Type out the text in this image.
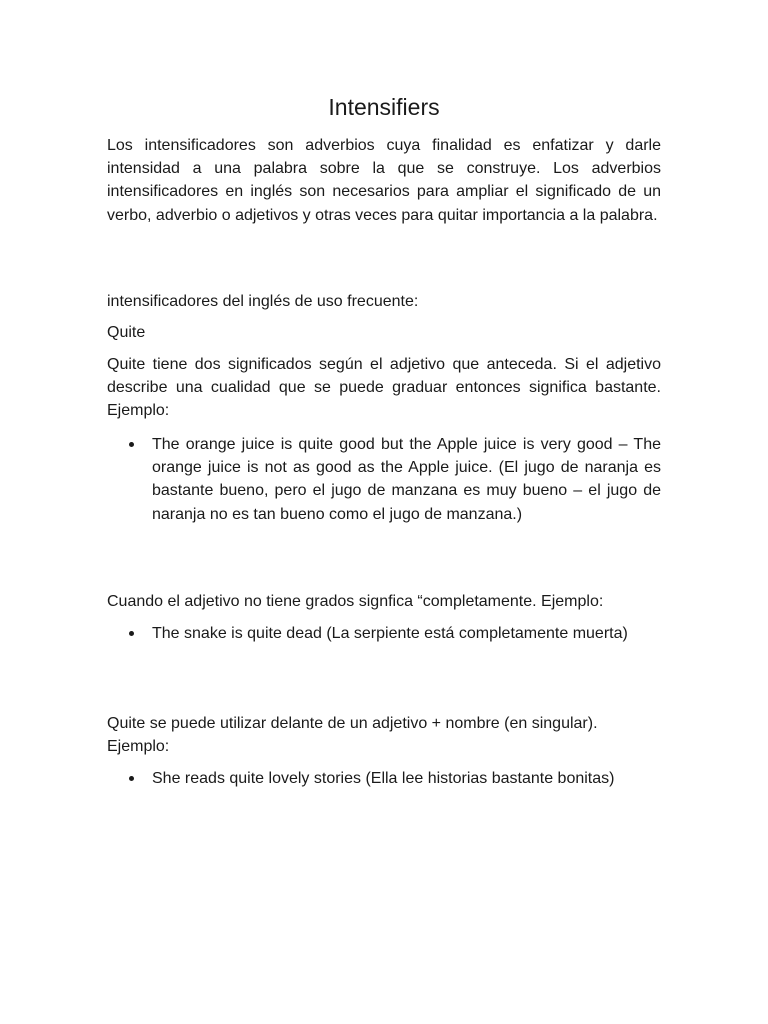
Intensifiers

Los intensificadores son adverbios cuya finalidad es enfatizar y darle intensidad a una palabra sobre la que se construye. Los adverbios intensificadores en inglés son necesarios para ampliar el significado de un verbo, adverbio o adjetivos y otras veces para quitar importancia a la palabra.

intensificadores del inglés de uso frecuente:

Quite

Quite tiene dos significados según el adjetivo que anteceda. Si el adjetivo describe una cualidad que se puede graduar entonces significa bastante. Ejemplo:

The orange juice is quite good but the Apple juice is very good – The orange juice is not as good as the Apple juice. (El jugo de naranja es bastante bueno, pero el jugo de manzana es muy bueno – el jugo de naranja no es tan bueno como el jugo de manzana.)

Cuando el adjetivo no tiene grados signfica “completamente. Ejemplo:

The snake is quite dead (La serpiente está completamente muerta)

Quite se puede utilizar delante de un adjetivo + nombre (en singular). Ejemplo:

She reads quite lovely stories (Ella lee historias bastante bonitas)
